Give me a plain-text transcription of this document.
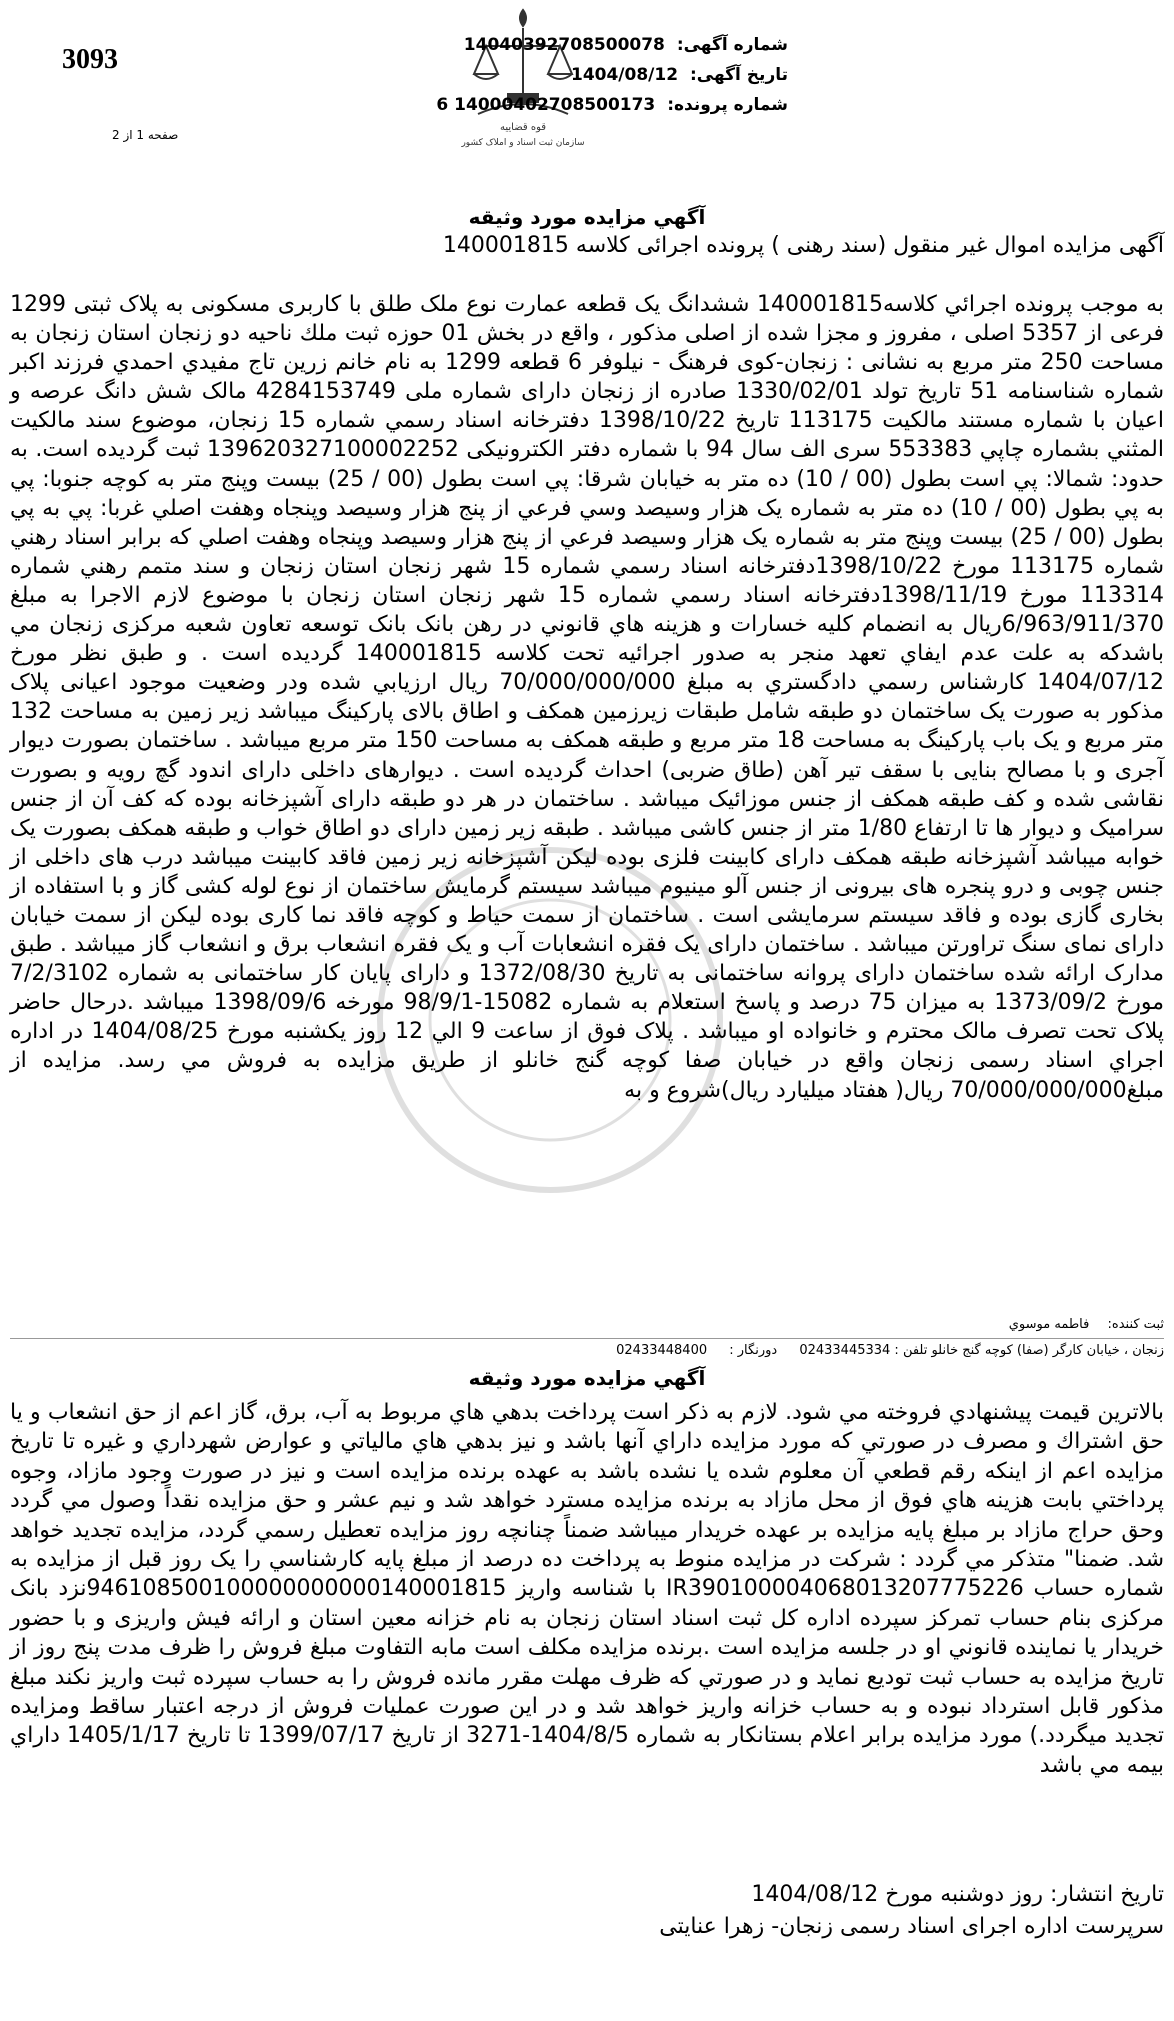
3093
صفحه 1 از 2
قوه قضاییه
سازمان ثبت اسناد و املاک کشور
شماره آگهی: 14040392708500078
تاریخ آگهی: 1404/08/12
شماره پرونده: 14000402708500173 6
آگهي مزايده مورد وثيقه
آگهی مزایده اموال غیر منقول (سند رهنی ) پرونده اجرائی کلاسه 140001815
به موجب پرونده اجرائي كلاسه140001815 ششدانگ يک قطعه عمارت نوع ملک طلق با کاربری مسکونی به پلاک ثبتی 1299 فرعی از 5357 اصلی ، مفروز و مجزا شده از اصلی مذکور ، واقع در بخش 01 حوزه ثبت ملك ناحیه دو زنجان استان زنجان به مساحت 250 متر مربع به نشانی : زنجان-کوی فرهنگ - نیلوفر 6 قطعه 1299 به نام خانم زرين تاج مفيدي احمدي فرزند اكبر شماره شناسنامه 51 تاريخ تولد 1330/02/01 صادره از زنجان دارای شماره ملی 4284153749 مالک شش دانگ عرصه و اعیان با شماره مستند مالکیت 113175 تاریخ 1398/10/22 دفترخانه اسناد رسمي شماره 15 زنجان، موضوع سند مالكيت المثني بشماره چاپي 553383 سری الف سال 94 با شماره دفتر الکترونیکی 139620327100002252 ثبت گرديده است. به حدود: شمالا: پي است بطول (00 / 10) ده متر به خيابان شرقا: پي است بطول (00 / 25) بيست وپنج متر به كوچه جنوبا: پي به پي بطول (00 / 10) ده متر به شماره يک هزار وسيصد وسي فرعي از پنج هزار وسيصد وپنجاه وهفت اصلي غربا: پي به پي بطول (00 / 25) بيست وپنج متر به شماره يک هزار وسيصد فرعي از پنج هزار وسيصد وپنجاه وهفت اصلي كه برابر اسناد رهني شماره 113175 مورخ 1398/10/22دفترخانه اسناد رسمي شماره 15 شهر زنجان استان زنجان و سند متمم رهني شماره 113314 مورخ 1398/11/19دفترخانه اسناد رسمي شماره 15 شهر زنجان استان زنجان با موضوع لازم الاجرا به مبلغ 6/963/911/370ريال به انضمام كليه خسارات و هزينه هاي قانوني در رهن بانک بانک توسعه تعاون شعبه مرکزی زنجان مي باشدکه به علت عدم ايفاي تعهد منجر به صدور اجرائيه تحت كلاسه 140001815 گرديده است . و طبق نظر مورخ 1404/07/12 كارشناس رسمي دادگستري به مبلغ 70/000/000/000 ريال ارزيابي شده ودر وضعیت موجود اعیانی پلاک مذکور به صورت یک ساختمان دو طبقه شامل طبقات زیرزمین همکف و اطاق بالای پارکینگ میباشد زیر زمین به مساحت 132 متر مربع و یک باب پارکینگ به مساحت 18 متر مربع و طبقه همکف به مساحت 150 متر مربع میباشد . ساختمان بصورت دیوار آجری و با مصالح بنایی با سقف تیر آهن (طاق ضربی) احداث گردیده است . دیوارهای داخلی دارای اندود گچ رویه و بصورت نقاشی شده و کف طبقه همکف از جنس موزائیک میباشد . ساختمان در هر دو طبقه دارای آشپزخانه بوده که کف آن از جنس سرامیک و دیوار ها تا ارتفاع 1/80 متر از جنس کاشی میباشد . طبقه زیر زمین دارای دو اطاق خواب و طبقه همکف بصورت یک خوابه میباشد آشپزخانه طبقه همکف دارای کابینت فلزی بوده لیکن آشپزخانه زیر زمین فاقد کابینت میباشد درب های داخلی از جنس چوبی و درو پنجره های بیرونی از جنس آلو مینیوم میباشد سیستم گرمایش ساختمان از نوع لوله کشی گاز و با استفاده از بخاری گازی بوده و فاقد سیستم سرمایشی است . ساختمان از سمت حیاط و کوچه فاقد نما کاری بوده لیکن از سمت خیابان دارای نمای سنگ تراورتن میباشد . ساختمان دارای یک فقره انشعابات آب و یک فقره انشعاب برق و انشعاب گاز میباشد . طبق مدارک ارائه شده ساختمان دارای پروانه ساختمانی به تاریخ 1372/08/30 و دارای پایان کار ساختمانی به شماره 7/2/3102 مورخ 1373/09/2 به میزان 75 درصد و پاسخ استعلام به شماره 15082-98/9/1 مورخه 1398/09/6 میباشد .درحال حاضر پلاک تحت تصرف مالک محترم و خانواده او میباشد . پلاک فوق از ساعت 9 الي 12 روز يكشنبه مورخ 1404/08/25 در اداره اجراي اسناد رسمی زنجان واقع در خيابان صفا کوچه گنج خانلو از طريق مزايده به فروش مي رسد. مزايده از مبلغ70/000/000/000 ريال( هفتاد ميليارد ريال)شروع و به
ثبت کننده: فاطمه موسوي
زنجان ، خیابان کارگر (صفا) کوچه گنج خانلو تلفن : 02433445334 دورنگار : 02433448400
آگهي مزايده مورد وثيقه
بالاترين قيمت پيشنهادي فروخته مي شود. لازم به ذكر است پرداخت بدهي هاي مربوط به آب، برق، گاز اعم از حق انشعاب و يا حق اشتراك و مصرف در صورتي كه مورد مزايده داراي آنها باشد و نيز بدهي هاي مالياتي و عوارض شهرداري و غيره تا تاريخ مزايده اعم از اينكه رقم قطعي آن معلوم شده يا نشده باشد به عهده برنده مزايده است و نيز در صورت وجود مازاد، وجوه پرداختي بابت هزينه هاي فوق از محل مازاد به برنده مزايده مسترد خواهد شد و نيم عشر و حق مزايده نقداً وصول مي گردد وحق حراج مازاد بر مبلغ پايه مزايده بر عهده خريدار ميباشد ضمناً چنانچه روز مزايده تعطيل رسمي گردد، مزايده تجديد خواهد شد. ضمنا" متذكر مي گردد : شركت در مزايده منوط به پرداخت ده درصد از مبلغ پايه كارشناسي را يک روز قبل از مزايده به شماره حساب IR390100004068013207775226 با شناسه واريز 946108500100000000000140001815نزد بانک مرکزی بنام حساب تمرکز سپرده اداره كل ثبت اسناد استان زنجان به نام خزانه معين استان و ارائه فيش واريزی و با حضور خريدار يا نماينده قانوني او در جلسه مزايده است .برنده مزايده مکلف است مابه التفاوت مبلغ فروش را ظرف مدت پنج روز از تاريخ مزايده به حساب ثبت توديع نمايد و در صورتي كه ظرف مهلت مقرر مانده فروش را به حساب سپرده ثبت واريز نكند مبلغ مذكور قابل استرداد نبوده و به حساب خزانه واريز خواهد شد و در اين صورت عمليات فروش از درجه اعتبار ساقط ومزايده تجديد ميگردد.) مورد مزايده برابر اعلام بستانكار به شماره 1404/8/5-3271 از تاريخ 1399/07/17 تا تاريخ 1405/1/17 داراي بيمه مي باشد
تاریخ انتشار: روز دوشنبه مورخ 1404/08/12
سرپرست اداره اجرای اسناد رسمی زنجان- زهرا عنایتی
